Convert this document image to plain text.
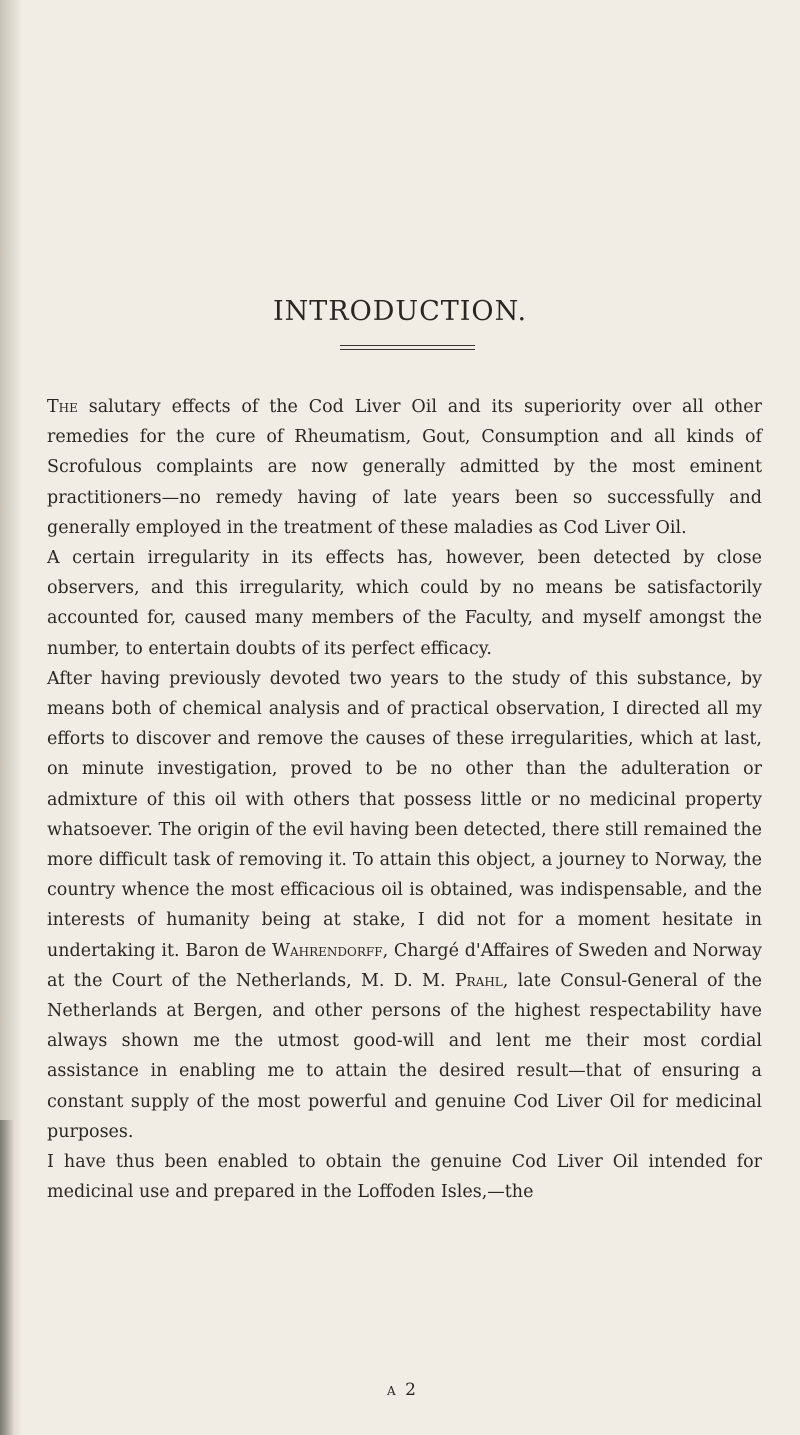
INTRODUCTION.

The salutary effects of the Cod Liver Oil and its superiority over all other remedies for the cure of Rheumatism, Gout, Consumption and all kinds of Scrofulous complaints are now generally admitted by the most eminent practitioners—no remedy having of late years been so successfully and generally employed in the treatment of these maladies as Cod Liver Oil.

A certain irregularity in its effects has, however, been detected by close observers, and this irregularity, which could by no means be satisfactorily accounted for, caused many members of the Faculty, and myself amongst the number, to entertain doubts of its perfect efficacy.

After having previously devoted two years to the study of this substance, by means both of chemical analysis and of practical observation, I directed all my efforts to discover and remove the causes of these irregularities, which at last, on minute investigation, proved to be no other than the adulteration or admixture of this oil with others that possess little or no medicinal property whatsoever. The origin of the evil having been detected, there still remained the more difficult task of removing it. To attain this object, a journey to Norway, the country whence the most efficacious oil is obtained, was indispensable, and the interests of humanity being at stake, I did not for a moment hesitate in undertaking it. Baron de Wahrendorff, Chargé d'Affaires of Sweden and Norway at the Court of the Netherlands, M. D. M. Prahl, late Consul-General of the Netherlands at Bergen, and other persons of the highest respectability have always shown me the utmost good-will and lent me their most cordial assistance in enabling me to attain the desired result—that of ensuring a constant supply of the most powerful and genuine Cod Liver Oil for medicinal purposes.

I have thus been enabled to obtain the genuine Cod Liver Oil intended for medicinal use and prepared in the Loffoden Isles,—the

a 2
